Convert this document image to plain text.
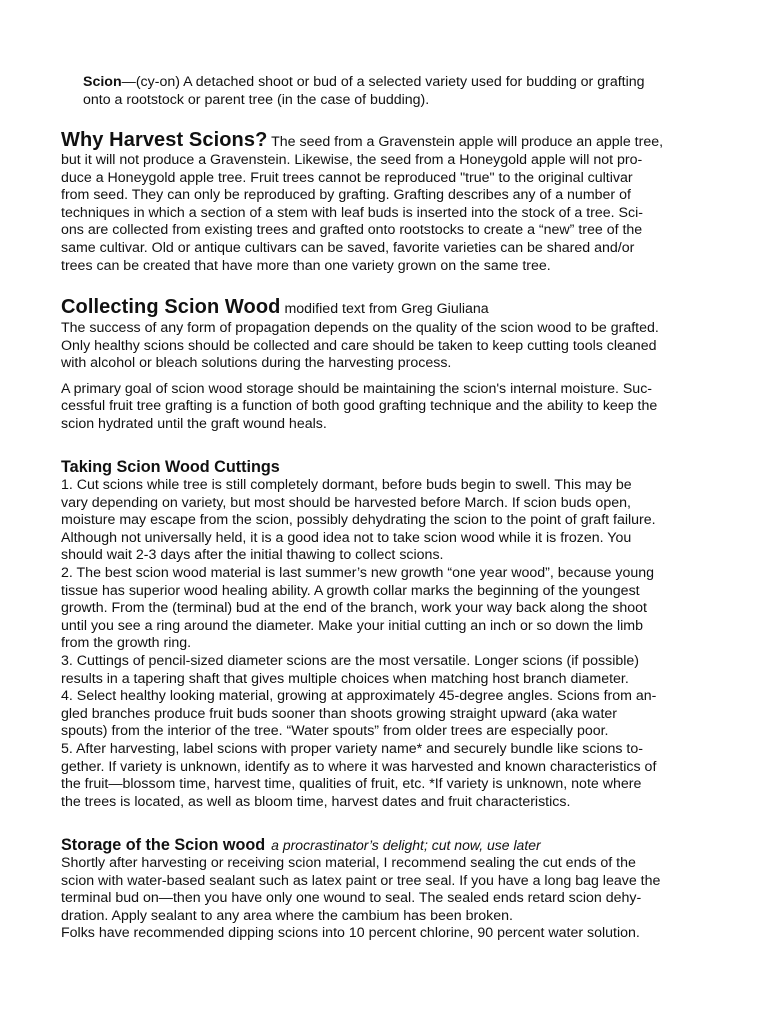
Scion—(cy-on) A detached shoot or bud of a selected variety used for budding or grafting
onto a rootstock or parent tree (in the case of budding).
Why Harvest Scions? The seed from a Gravenstein apple will produce an apple tree,
but it will not produce a Gravenstein. Likewise, the seed from a Honeygold apple will not pro-
duce a Honeygold apple tree. Fruit trees cannot be reproduced "true" to the original cultivar
from seed. They can only be reproduced by grafting. Grafting describes any of a number of
techniques in which a section of a stem with leaf buds is inserted into the stock of a tree. Sci-
ons are collected from existing trees and grafted onto rootstocks to create a “new” tree of the
same cultivar. Old or antique cultivars can be saved, favorite varieties can be shared and/or
trees can be created that have more than one variety grown on the same tree.
Collecting Scion Wood modified text from Greg Giuliana
The success of any form of propagation depends on the quality of the scion wood to be grafted.
Only healthy scions should be collected and care should be taken to keep cutting tools cleaned
with alcohol or bleach solutions during the harvesting process.
A primary goal of scion wood storage should be maintaining the scion's internal moisture. Suc-
cessful fruit tree grafting is a function of both good grafting technique and the ability to keep the
scion hydrated until the graft wound heals.
Taking Scion Wood Cuttings
1. Cut scions while tree is still completely dormant, before buds begin to swell. This may be
vary depending on variety, but most should be harvested before March. If scion buds open,
moisture may escape from the scion, possibly dehydrating the scion to the point of graft failure.
Although not universally held, it is a good idea not to take scion wood while it is frozen. You
should wait 2-3 days after the initial thawing to collect scions.
2. The best scion wood material is last summer’s new growth “one year wood”, because young
tissue has superior wood healing ability. A growth collar marks the beginning of the youngest
growth. From the (terminal) bud at the end of the branch, work your way back along the shoot
until you see a ring around the diameter. Make your initial cutting an inch or so down the limb
from the growth ring.
3. Cuttings of pencil-sized diameter scions are the most versatile. Longer scions (if possible)
results in a tapering shaft that gives multiple choices when matching host branch diameter.
4. Select healthy looking material, growing at approximately 45-degree angles. Scions from an-
gled branches produce fruit buds sooner than shoots growing straight upward (aka water
spouts) from the interior of the tree. “Water spouts” from older trees are especially poor.
5. After harvesting, label scions with proper variety name* and securely bundle like scions to-
gether. If variety is unknown, identify as to where it was harvested and known characteristics of
the fruit—blossom time, harvest time, qualities of fruit, etc. *If variety is unknown, note where
the trees is located, as well as bloom time, harvest dates and fruit characteristics.
Storage of the Scion wood a procrastinator’s delight; cut now, use later
Shortly after harvesting or receiving scion material, I recommend sealing the cut ends of the
scion with water-based sealant such as latex paint or tree seal. If you have a long bag leave the
terminal bud on—then you have only one wound to seal. The sealed ends retard scion dehy-
dration. Apply sealant to any area where the cambium has been broken.
Folks have recommended dipping scions into 10 percent chlorine, 90 percent water solution.
